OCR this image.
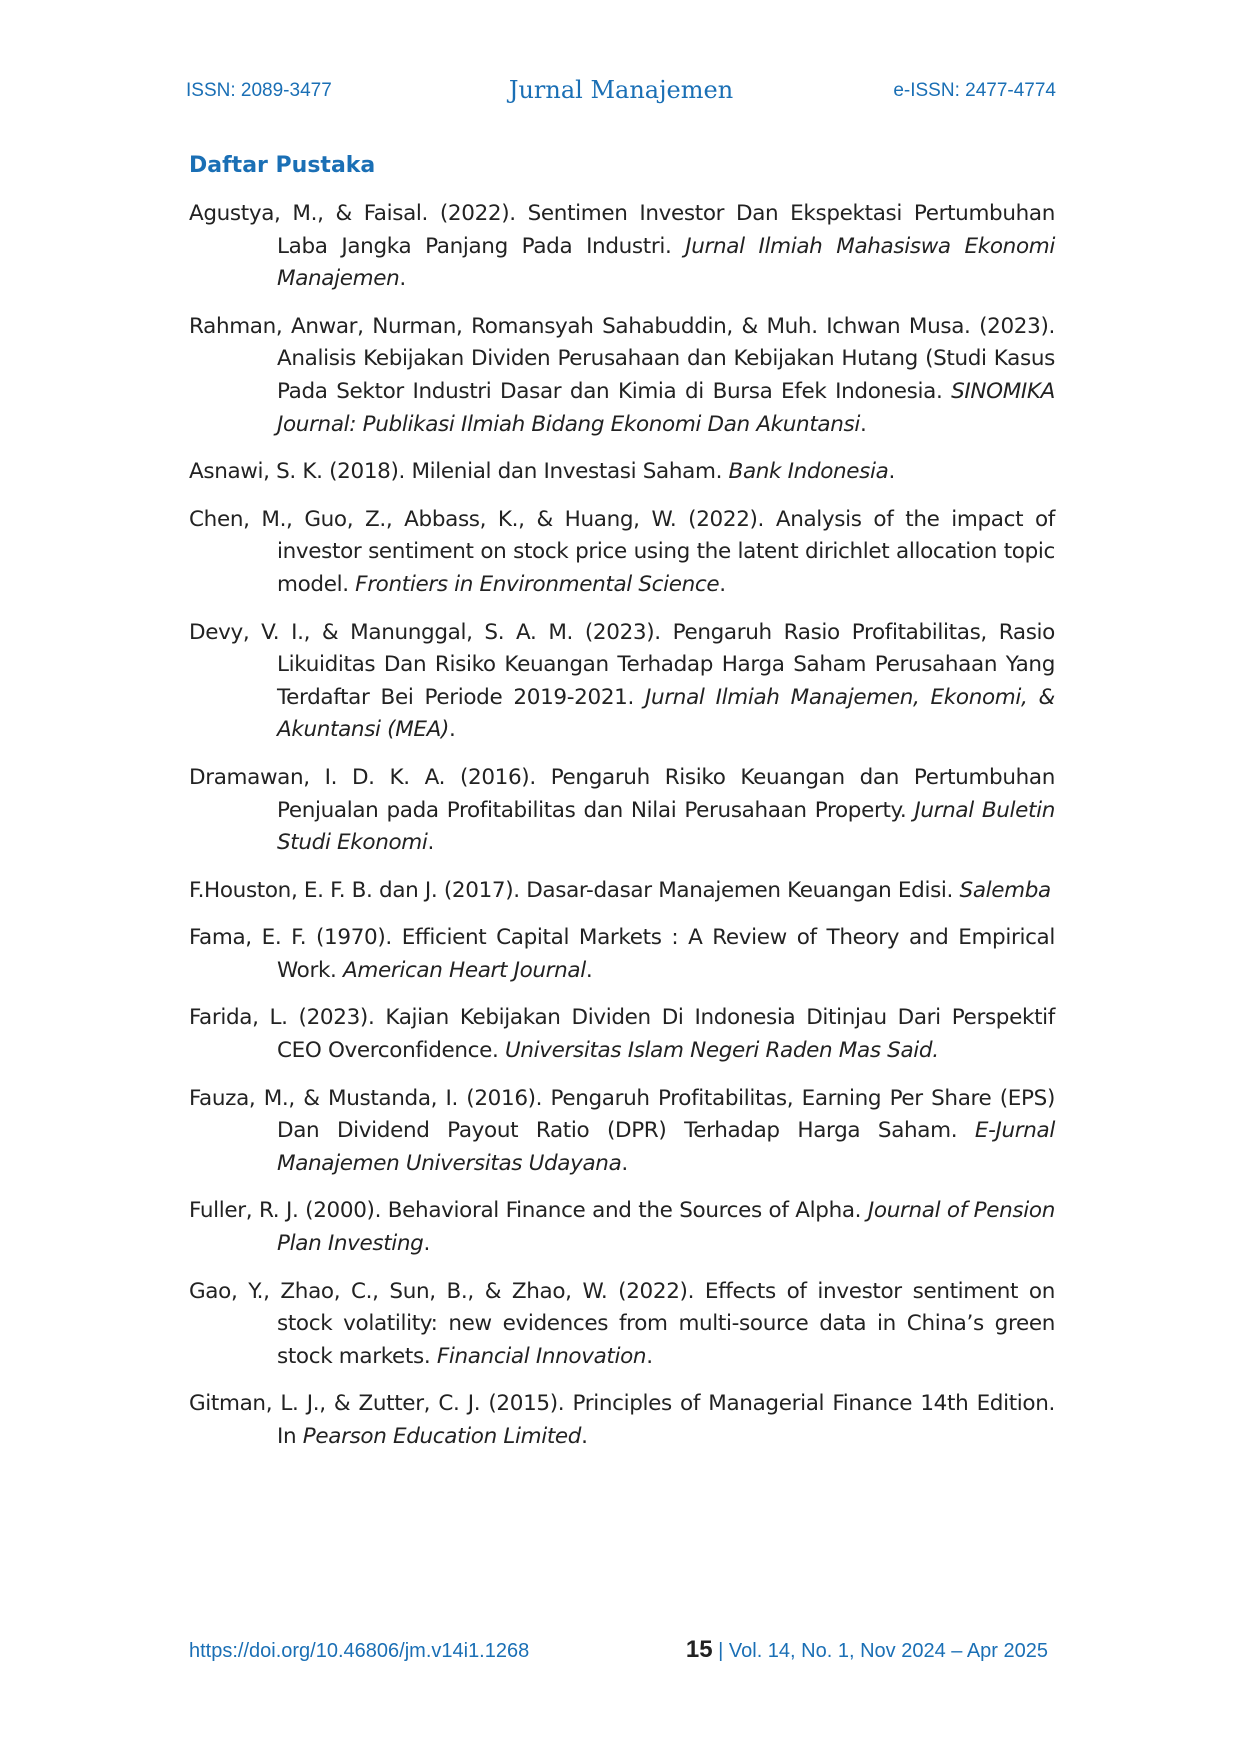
ISSN: 2089-3477	Jurnal Manajemen	e-ISSN: 2477-4774
Daftar Pustaka

Agustya, M., & Faisal. (2022). Sentimen Investor Dan Ekspektasi Pertumbuhan Laba Jangka Panjang Pada Industri. Jurnal Ilmiah Mahasiswa Ekonomi Manajemen.

Rahman, Anwar, Nurman, Romansyah Sahabuddin, & Muh. Ichwan Musa. (2023). Analisis Kebijakan Dividen Perusahaan dan Kebijakan Hutang (Studi Kasus Pada Sektor Industri Dasar dan Kimia di Bursa Efek Indonesia. SINOMIKA Journal: Publikasi Ilmiah Bidang Ekonomi Dan Akuntansi.

Asnawi, S. K. (2018). Milenial dan Investasi Saham. Bank Indonesia.

Chen, M., Guo, Z., Abbass, K., & Huang, W. (2022). Analysis of the impact of investor sentiment on stock price using the latent dirichlet allocation topic model. Frontiers in Environmental Science.

Devy, V. I., & Manunggal, S. A. M. (2023). Pengaruh Rasio Profitabilitas, Rasio Likuiditas Dan Risiko Keuangan Terhadap Harga Saham Perusahaan Yang Terdaftar Bei Periode 2019-2021. Jurnal Ilmiah Manajemen, Ekonomi, & Akuntansi (MEA).

Dramawan, I. D. K. A. (2016). Pengaruh Risiko Keuangan dan Pertumbuhan Penjualan pada Profitabilitas dan Nilai Perusahaan Property. Jurnal Buletin Studi Ekonomi.

F.Houston, E. F. B. dan J. (2017). Dasar-dasar Manajemen Keuangan Edisi. Salemba

Fama, E. F. (1970). Efficient Capital Markets : A Review of Theory and Empirical Work. American Heart Journal.

Farida, L. (2023). Kajian Kebijakan Dividen Di Indonesia Ditinjau Dari Perspektif CEO Overconfidence. Universitas Islam Negeri Raden Mas Said.

Fauza, M., & Mustanda, I. (2016). Pengaruh Profitabilitas, Earning Per Share (EPS) Dan Dividend Payout Ratio (DPR) Terhadap Harga Saham. E-Jurnal Manajemen Universitas Udayana.

Fuller, R. J. (2000). Behavioral Finance and the Sources of Alpha. Journal of Pension Plan Investing.

Gao, Y., Zhao, C., Sun, B., & Zhao, W. (2022). Effects of investor sentiment on stock volatility: new evidences from multi-source data in China’s green stock markets. Financial Innovation.

Gitman, L. J., & Zutter, C. J. (2015). Principles of Managerial Finance 14th Edition. In Pearson Education Limited.

https://doi.org/10.46806/jm.v14i1.1268	15 | Vol. 14, No. 1, Nov 2024 – Apr 2025
